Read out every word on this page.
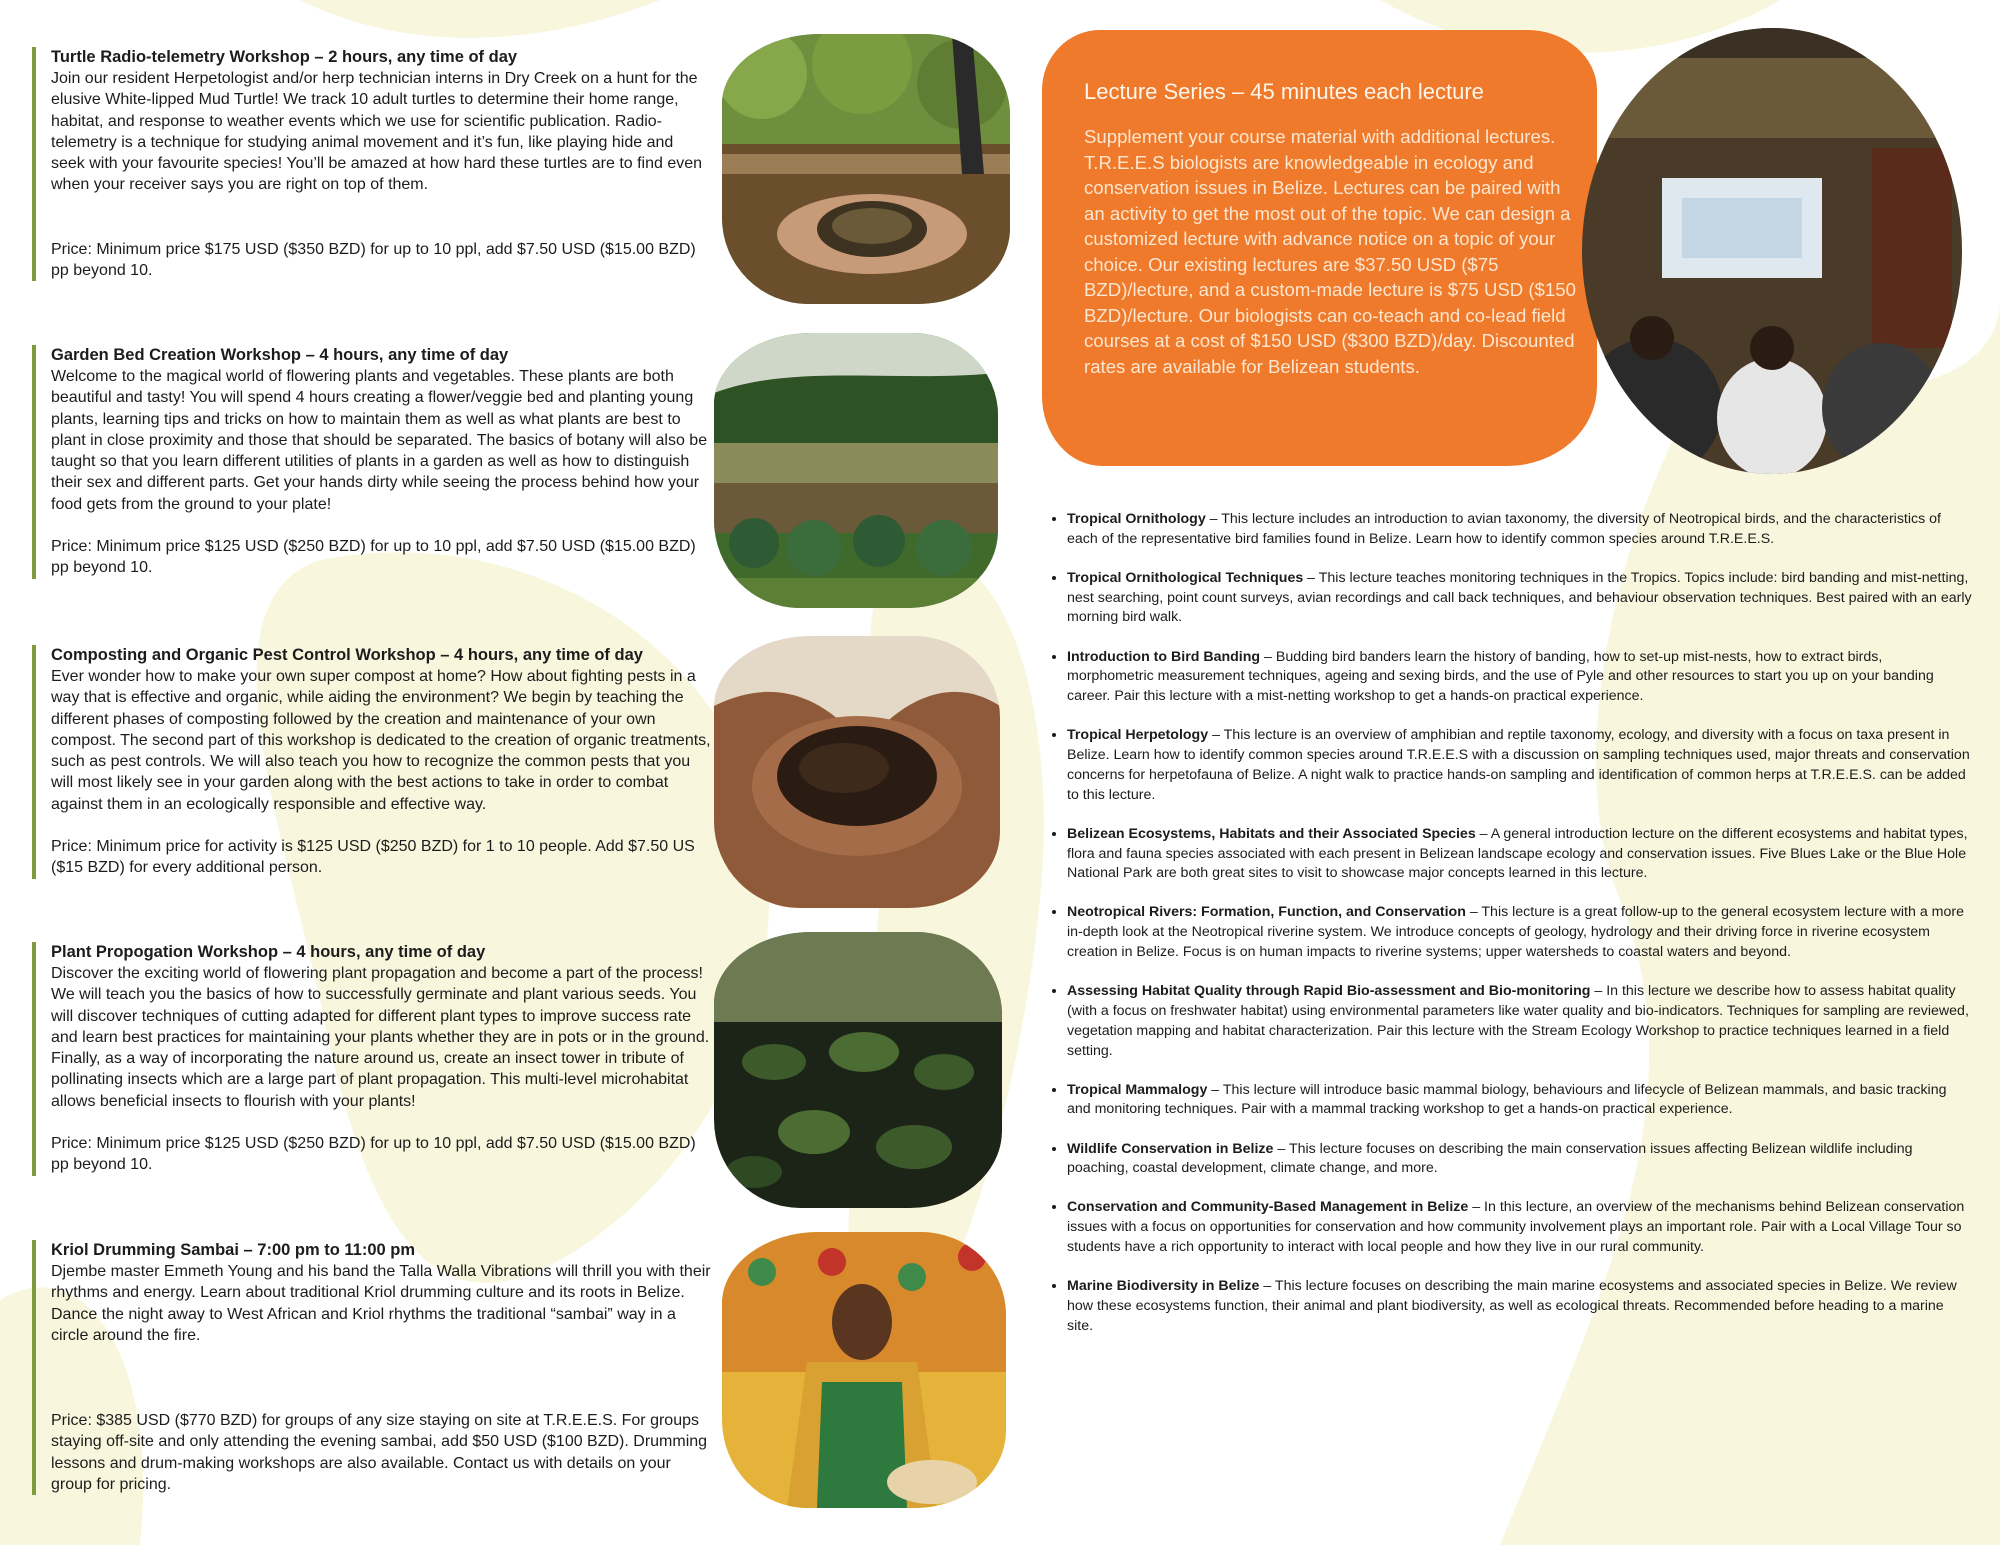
Turtle Radio-telemetry Workshop – 2 hours, any time of day

Join our resident Herpetologist and/or herp technician interns in Dry Creek on a hunt for the elusive White-lipped Mud Turtle! We track 10 adult turtles to determine their home range, habitat, and response to weather events which we use for scientific publication. Radio-telemetry is a technique for studying animal movement and it’s fun, like playing hide and seek with your favourite species! You’ll be amazed at how hard these turtles are to find even when your receiver says you are right on top of them.

Price: Minimum price $175 USD ($350 BZD) for up to 10 ppl, add $7.50 USD ($15.00 BZD) pp beyond 10.

Garden Bed Creation Workshop – 4 hours, any time of day

Welcome to the magical world of flowering plants and vegetables. These plants are both beautiful and tasty! You will spend 4 hours creating a flower/veggie bed and planting young plants, learning tips and tricks on how to maintain them as well as what plants are best to plant in close proximity and those that should be separated. The basics of botany will also be taught so that you learn different utilities of plants in a garden as well as how to distinguish their sex and different parts. Get your hands dirty while seeing the process behind how your food gets from the ground to your plate!

Price: Minimum price $125 USD ($250 BZD) for up to 10 ppl, add $7.50 USD ($15.00 BZD) pp beyond 10.

Composting and Organic Pest Control Workshop – 4 hours, any time of day

Ever wonder how to make your own super compost at home? How about fighting pests in a way that is effective and organic, while aiding the environment? We begin by teaching the different phases of composting followed by the creation and maintenance of your own compost. The second part of this workshop is dedicated to the creation of organic treatments, such as pest controls. We will also teach you how to recognize the common pests that you will most likely see in your garden along with the best actions to take in order to combat against them in an ecologically responsible and effective way.

Price: Minimum price for activity is $125 USD ($250 BZD) for 1 to 10 people. Add $7.50 US ($15 BZD) for every additional person.

Plant Propogation Workshop – 4 hours, any time of day

Discover the exciting world of flowering plant propagation and become a part of the process! We will teach you the basics of how to successfully germinate and plant various seeds. You will discover techniques of cutting adapted for different plant types to improve success rate and learn best practices for maintaining your plants whether they are in pots or in the ground. Finally, as a way of incorporating the nature around us, create an insect tower in tribute of pollinating insects which are a large part of plant propagation. This multi-level microhabitat allows beneficial insects to flourish with your plants!

Price: Minimum price $125 USD ($250 BZD) for up to 10 ppl, add $7.50 USD ($15.00 BZD) pp beyond 10.

Kriol Drumming Sambai – 7:00 pm to 11:00 pm

Djembe master Emmeth Young and his band the Talla Walla Vibrations will thrill you with their rhythms and energy. Learn about traditional Kriol drumming culture and its roots in Belize. Dance the night away to West African and Kriol rhythms the traditional “sambai” way in a circle around the fire.

Price: $385 USD ($770 BZD) for groups of any size staying on site at T.R.E.E.S. For groups staying off-site and only attending the evening sambai, add $50 USD ($100 BZD). Drumming lessons and drum-making workshops are also available. Contact us with details on your group for pricing.

Lecture Series – 45 minutes each lecture

Supplement your course material with additional lectures. T.R.E.E.S biologists are knowledgeable in ecology and conservation issues in Belize. Lectures can be paired with an activity to get the most out of the topic. We can design a customized lecture with advance notice on a topic of your choice. Our existing lectures are $37.50 USD ($75 BZD)/lecture, and a custom-made lecture is $75 USD ($150 BZD)/lecture. Our biologists can co-teach and co-lead field courses at a cost of $150 USD ($300 BZD)/day. Discounted rates are available for Belizean students.

• Tropical Ornithology – This lecture includes an introduction to avian taxonomy, the diversity of Neotropical birds, and the characteristics of each of the representative bird families found in Belize. Learn how to identify common species around T.R.E.E.S.
• Tropical Ornithological Techniques – This lecture teaches monitoring techniques in the Tropics. Topics include: bird banding and mist-netting, nest searching, point count surveys, avian recordings and call back techniques, and behaviour observation techniques. Best paired with an early morning bird walk.
• Introduction to Bird Banding – Budding bird banders learn the history of banding, how to set-up mist-nests, how to extract birds, morphometric measurement techniques, ageing and sexing birds, and the use of Pyle and other resources to start you up on your banding career. Pair this lecture with a mist-netting workshop to get a hands-on practical experience.
• Tropical Herpetology – This lecture is an overview of amphibian and reptile taxonomy, ecology, and diversity with a focus on taxa present in Belize. Learn how to identify common species around T.R.E.E.S with a discussion on sampling techniques used, major threats and conservation concerns for herpetofauna of Belize. A night walk to practice hands-on sampling and identification of common herps at T.R.E.E.S. can be added to this lecture.
• Belizean Ecosystems, Habitats and their Associated Species – A general introduction lecture on the different ecosystems and habitat types, flora and fauna species associated with each present in Belizean landscape ecology and conservation issues. Five Blues Lake or the Blue Hole National Park are both great sites to visit to showcase major concepts learned in this lecture.
• Neotropical Rivers: Formation, Function, and Conservation – This lecture is a great follow-up to the general ecosystem lecture with a more in-depth look at the Neotropical riverine system. We introduce concepts of geology, hydrology and their driving force in riverine ecosystem creation in Belize. Focus is on human impacts to riverine systems; upper watersheds to coastal waters and beyond.
• Assessing Habitat Quality through Rapid Bio-assessment and Bio-monitoring – In this lecture we describe how to assess habitat quality (with a focus on freshwater habitat) using environmental parameters like water quality and bio-indicators. Techniques for sampling are reviewed, vegetation mapping and habitat characterization. Pair this lecture with the Stream Ecology Workshop to practice techniques learned in a field setting.
• Tropical Mammalogy – This lecture will introduce basic mammal biology, behaviours and lifecycle of Belizean mammals, and basic tracking and monitoring techniques. Pair with a mammal tracking workshop to get a hands-on practical experience.
• Wildlife Conservation in Belize – This lecture focuses on describing the main conservation issues affecting Belizean wildlife including poaching, coastal development, climate change, and more.
• Conservation and Community-Based Management in Belize – In this lecture, an overview of the mechanisms behind Belizean conservation issues with a focus on opportunities for conservation and how community involvement plays an important role. Pair with a Local Village Tour so students have a rich opportunity to interact with local people and how they live in our rural community.
• Marine Biodiversity in Belize – This lecture focuses on describing the main marine ecosystems and associated species in Belize. We review how these ecosystems function, their animal and plant biodiversity, as well as ecological threats. Recommended before heading to a marine site.
